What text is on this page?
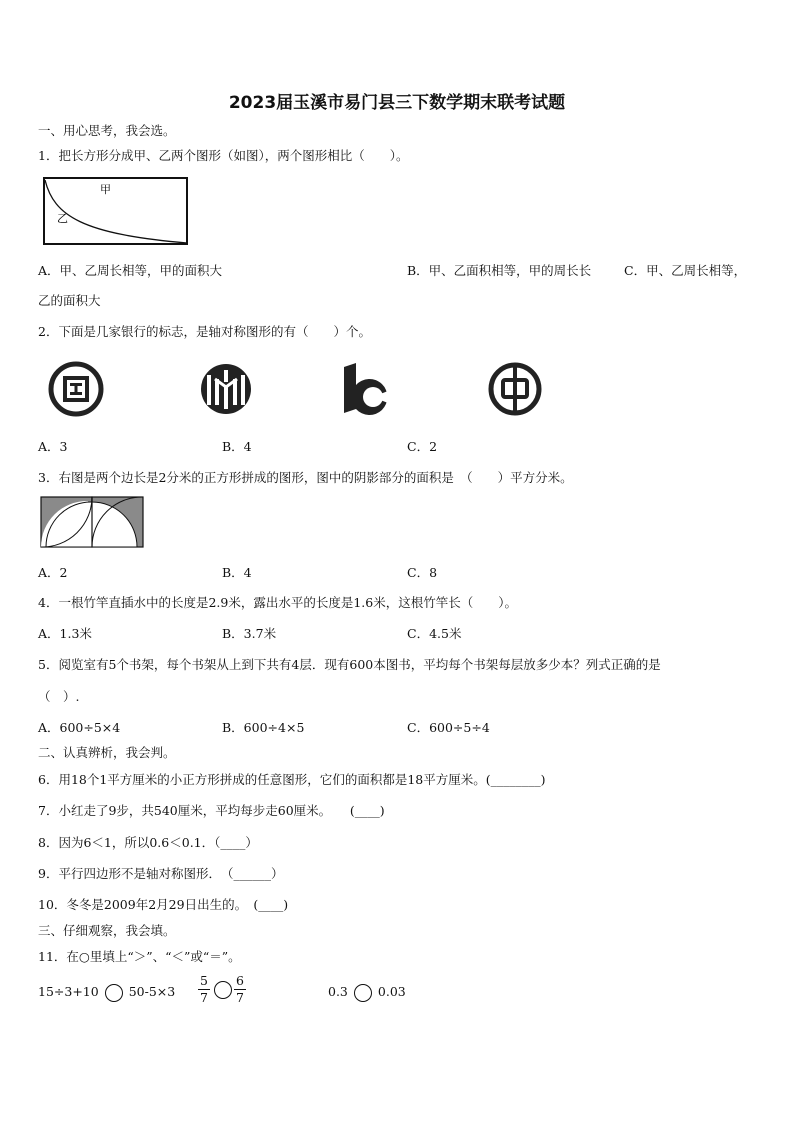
2023届玉溪市易门县三下数学期末联考试题
一、用心思考，我会选。
1．把长方形分成甲、乙两个图形（如图），两个图形相比（　　）。
甲
乙
A．甲、乙周长相等，甲的面积大	B．甲、乙面积相等，甲的周长长	C．甲、乙周长相等，
乙的面积大
2．下面是几家银行的标志，是轴对称图形的有（　　）个。
A．3	B．4	C．2
3．右图是两个边长是2分米的正方形拼成的图形，图中的阴影部分的面积是　（　　）平方分米。
A．2	B．4	C．8
4．一根竹竿直插水中的长度是2.9米，露出水平的长度是1.6米，这根竹竿长（　　）。
A．1.3米	B．3.7米	C．4.5米
5．阅览室有5个书架，每个书架从上到下共有4层．现有600本图书，平均每个书架每层放多少本？列式正确的是
（　）.
A．600÷5×4	B．600÷4×5	C．600÷5÷4
二、认真辨析，我会判。
6．用18个1平方厘米的小正方形拼成的任意图形，它们的面积都是18平方厘米。(________)
7．小红走了9步，共540厘米，平均每步走60厘米。　　(____)
8．因为6＜1，所以0.6＜0.1．（____）
9．平行四边形不是轴对称图形．　（______）
10．冬冬是2009年2月29日出生的。　(____)
三、仔细观察，我会填。
11．在○里填上“＞”、“＜”或“＝”。
15÷3+10 $50-5\times 3 \frac{5}{7} \frac{6}{7}$	0.3 0.03
